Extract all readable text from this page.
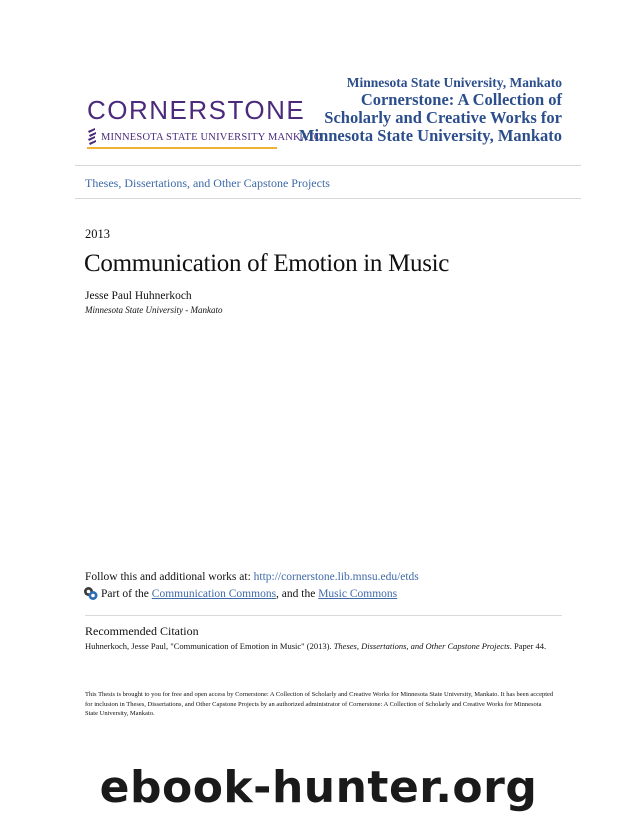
CORNERSTONE
MINNESOTA STATE UNIVERSITY MANKATO
Minnesota State University, Mankato
Cornerstone: A Collection of Scholarly and Creative Works for Minnesota State University, Mankato
Theses, Dissertations, and Other Capstone Projects
2013
Communication of Emotion in Music
Jesse Paul Huhnerkoch
Minnesota State University - Mankato
Follow this and additional works at: http://cornerstone.lib.mnsu.edu/etds
Part of the
Communication Commons , and the
Music Commons
Recommended Citation
Huhnerkoch, Jesse Paul, "Communication of Emotion in Music" (2013). Theses, Dissertations, and Other Capstone Projects. Paper 44.
This Thesis is brought to you for free and open access by Cornerstone: A Collection of Scholarly and Creative Works for Minnesota State University, Mankato. It has been accepted for inclusion in Theses, Dissertations, and Other Capstone Projects by an authorized administrator of Cornerstone: A Collection of Scholarly and Creative Works for Minnesota State University, Mankato.
ebook-hunter.org
